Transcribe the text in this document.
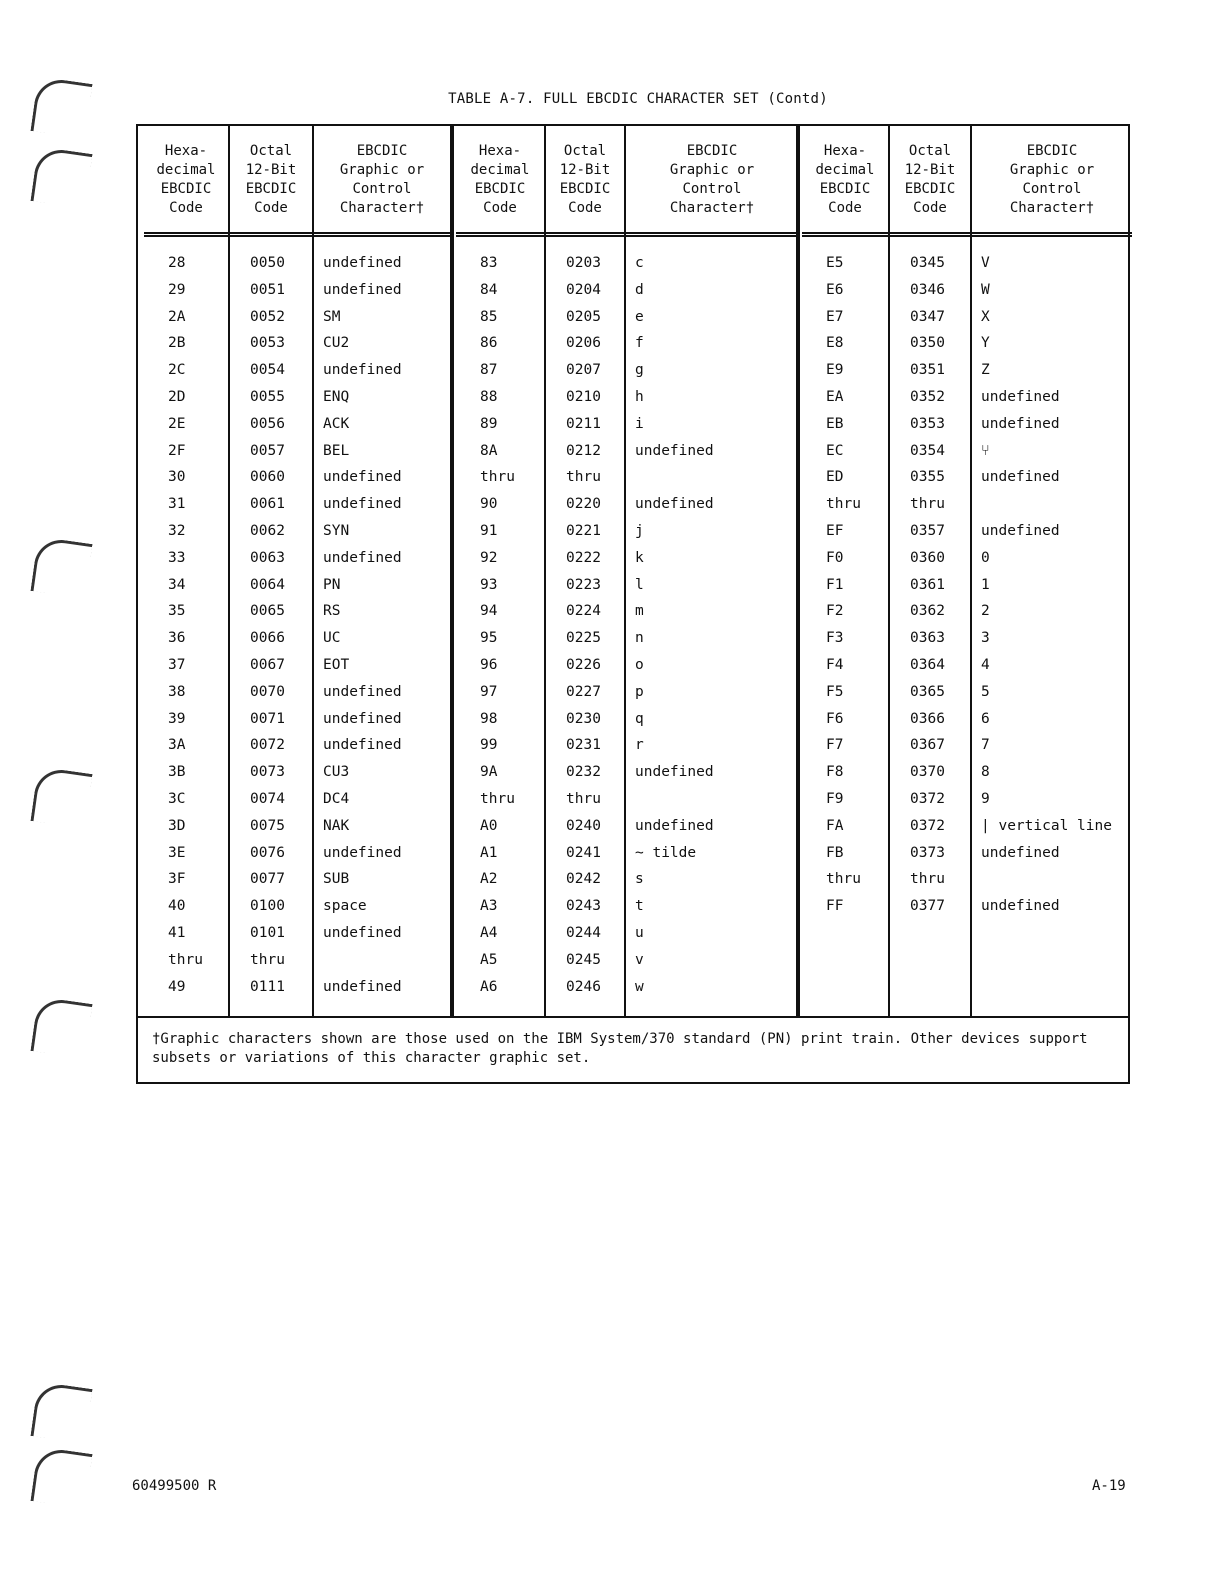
TABLE A-7. FULL EBCDIC CHARACTER SET (Contd)
Hexa-
decimal
EBCDIC
Code
28
29
2A
2B
2C
2D
2E
2F
30
31
32
33
34
35
36
37
38
39
3A
3B
3C
3D
3E
3F
40
41
thru
49
Octal
12-Bit
EBCDIC
Code
0050
0051
0052
0053
0054
0055
0056
0057
0060
0061
0062
0063
0064
0065
0066
0067
0070
0071
0072
0073
0074
0075
0076
0077
0100
0101
thru
0111
EBCDIC
Graphic or
Control
Character†
undefined
undefined
SM
CU2
undefined
ENQ
ACK
BEL
undefined
undefined
SYN
undefined
PN
RS
UC
EOT
undefined
undefined
undefined
CU3
DC4
NAK
undefined
SUB
space
undefined
undefined
Hexa-
decimal
EBCDIC
Code
83
84
85
86
87
88
89
8A
thru
90
91
92
93
94
95
96
97
98
99
9A
thru
A0
A1
A2
A3
A4
A5
A6
Octal
12-Bit
EBCDIC
Code
0203
0204
0205
0206
0207
0210
0211
0212
thru
0220
0221
0222
0223
0224
0225
0226
0227
0230
0231
0232
thru
0240
0241
0242
0243
0244
0245
0246
EBCDIC
Graphic or
Control
Character†
c
d
e
f
g
h
i
undefined
undefined
j
k
l
m
n
o
p
q
r
undefined
undefined
~ tilde
s
t
u
v
w
Hexa-
decimal
EBCDIC
Code
E5
E6
E7
E8
E9
EA
EB
EC
ED
thru
EF
F0
F1
F2
F3
F4
F5
F6
F7
F8
F9
FA
FB
thru
FF
Octal
12-Bit
EBCDIC
Code
0345
0346
0347
0350
0351
0352
0353
0354
0355
thru
0357
0360
0361
0362
0363
0364
0365
0366
0367
0370
0372
0372
0373
thru
0377
EBCDIC
Graphic or
Control
Character†
V
W
X
Y
Z
undefined
undefined
⑂
undefined
undefined
0
1
2
3
4
5
6
7
8
9
| vertical line
undefined
undefined
†Graphic characters shown are those used on the IBM System/370 standard (PN) print train. Other devices support subsets or variations of this character graphic set.
60499500 R	A-19
